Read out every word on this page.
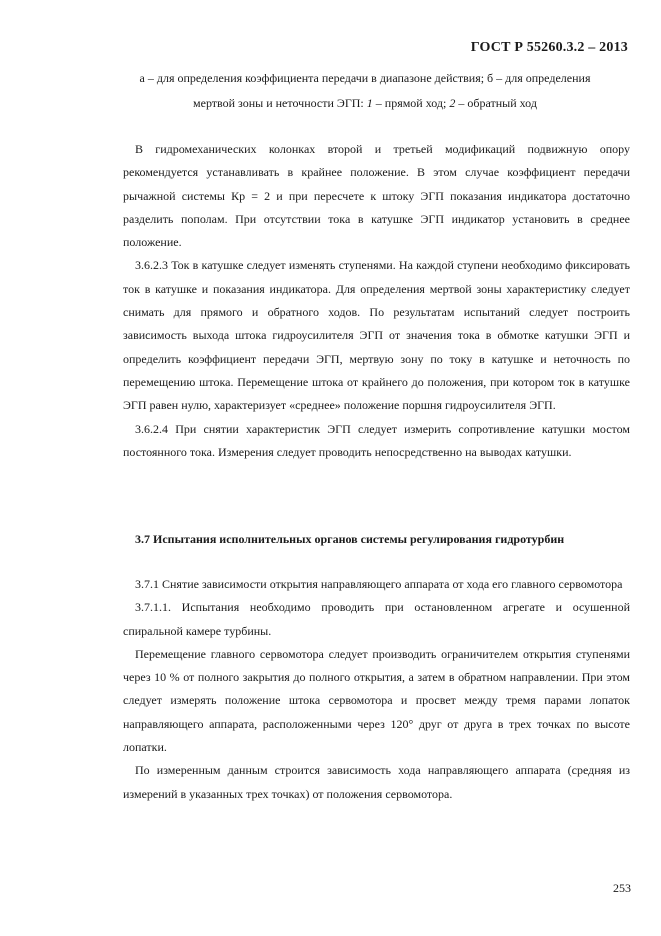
ГОСТ Р 55260.3.2 – 2013
а – для определения коэффициента передачи в диапазоне действия; б – для определения
мертвой зоны и неточности ЭГП: 1 – прямой ход; 2 – обратный ход

В гидромеханических колонках второй и третьей модификаций подвижную опору рекомендуется устанавливать в крайнее положение. В этом случае коэффициент передачи рычажной системы Кр = 2 и при пересчете к штоку ЭГП показания индикатора достаточно разделить пополам. При отсутствии тока в катушке ЭГП индикатор установить в среднее положение.

3.6.2.3 Ток в катушке следует изменять ступенями. На каждой ступени необходимо фиксировать ток в катушке и показания индикатора. Для определения мертвой зоны характеристику следует снимать для прямого и обратного ходов. По результатам испытаний следует построить зависимость выхода штока гидроусилителя ЭГП от значения тока в обмотке катушки ЭГП и определить коэффициент передачи ЭГП, мертвую зону по току в катушке и неточность по перемещению штока. Перемещение штока от крайнего до положения, при котором ток в катушке ЭГП равен нулю, характеризует «среднее» положение поршня гидроусилителя ЭГП.

3.6.2.4 При снятии характеристик ЭГП следует измерить сопротивление катушки мостом постоянного тока. Измерения следует проводить непосредственно на выводах катушки.

3.7 Испытания исполнительных органов системы регулирования гидротурбин

3.7.1 Снятие зависимости открытия направляющего аппарата от хода его главного сервомотора

3.7.1.1. Испытания необходимо проводить при остановленном агрегате и осушенной спиральной камере турбины.

Перемещение главного сервомотора следует производить ограничителем открытия ступенями через 10 % от полного закрытия до полного открытия, а затем в обратном направлении. При этом следует измерять положение штока сервомотора и просвет между тремя парами лопаток направляющего аппарата, расположенными через 120° друг от друга в трех точках по высоте лопатки.

По измеренным данным строится зависимость хода направляющего аппарата (средняя из измерений в указанных трех точках) от положения сервомотора.

253
